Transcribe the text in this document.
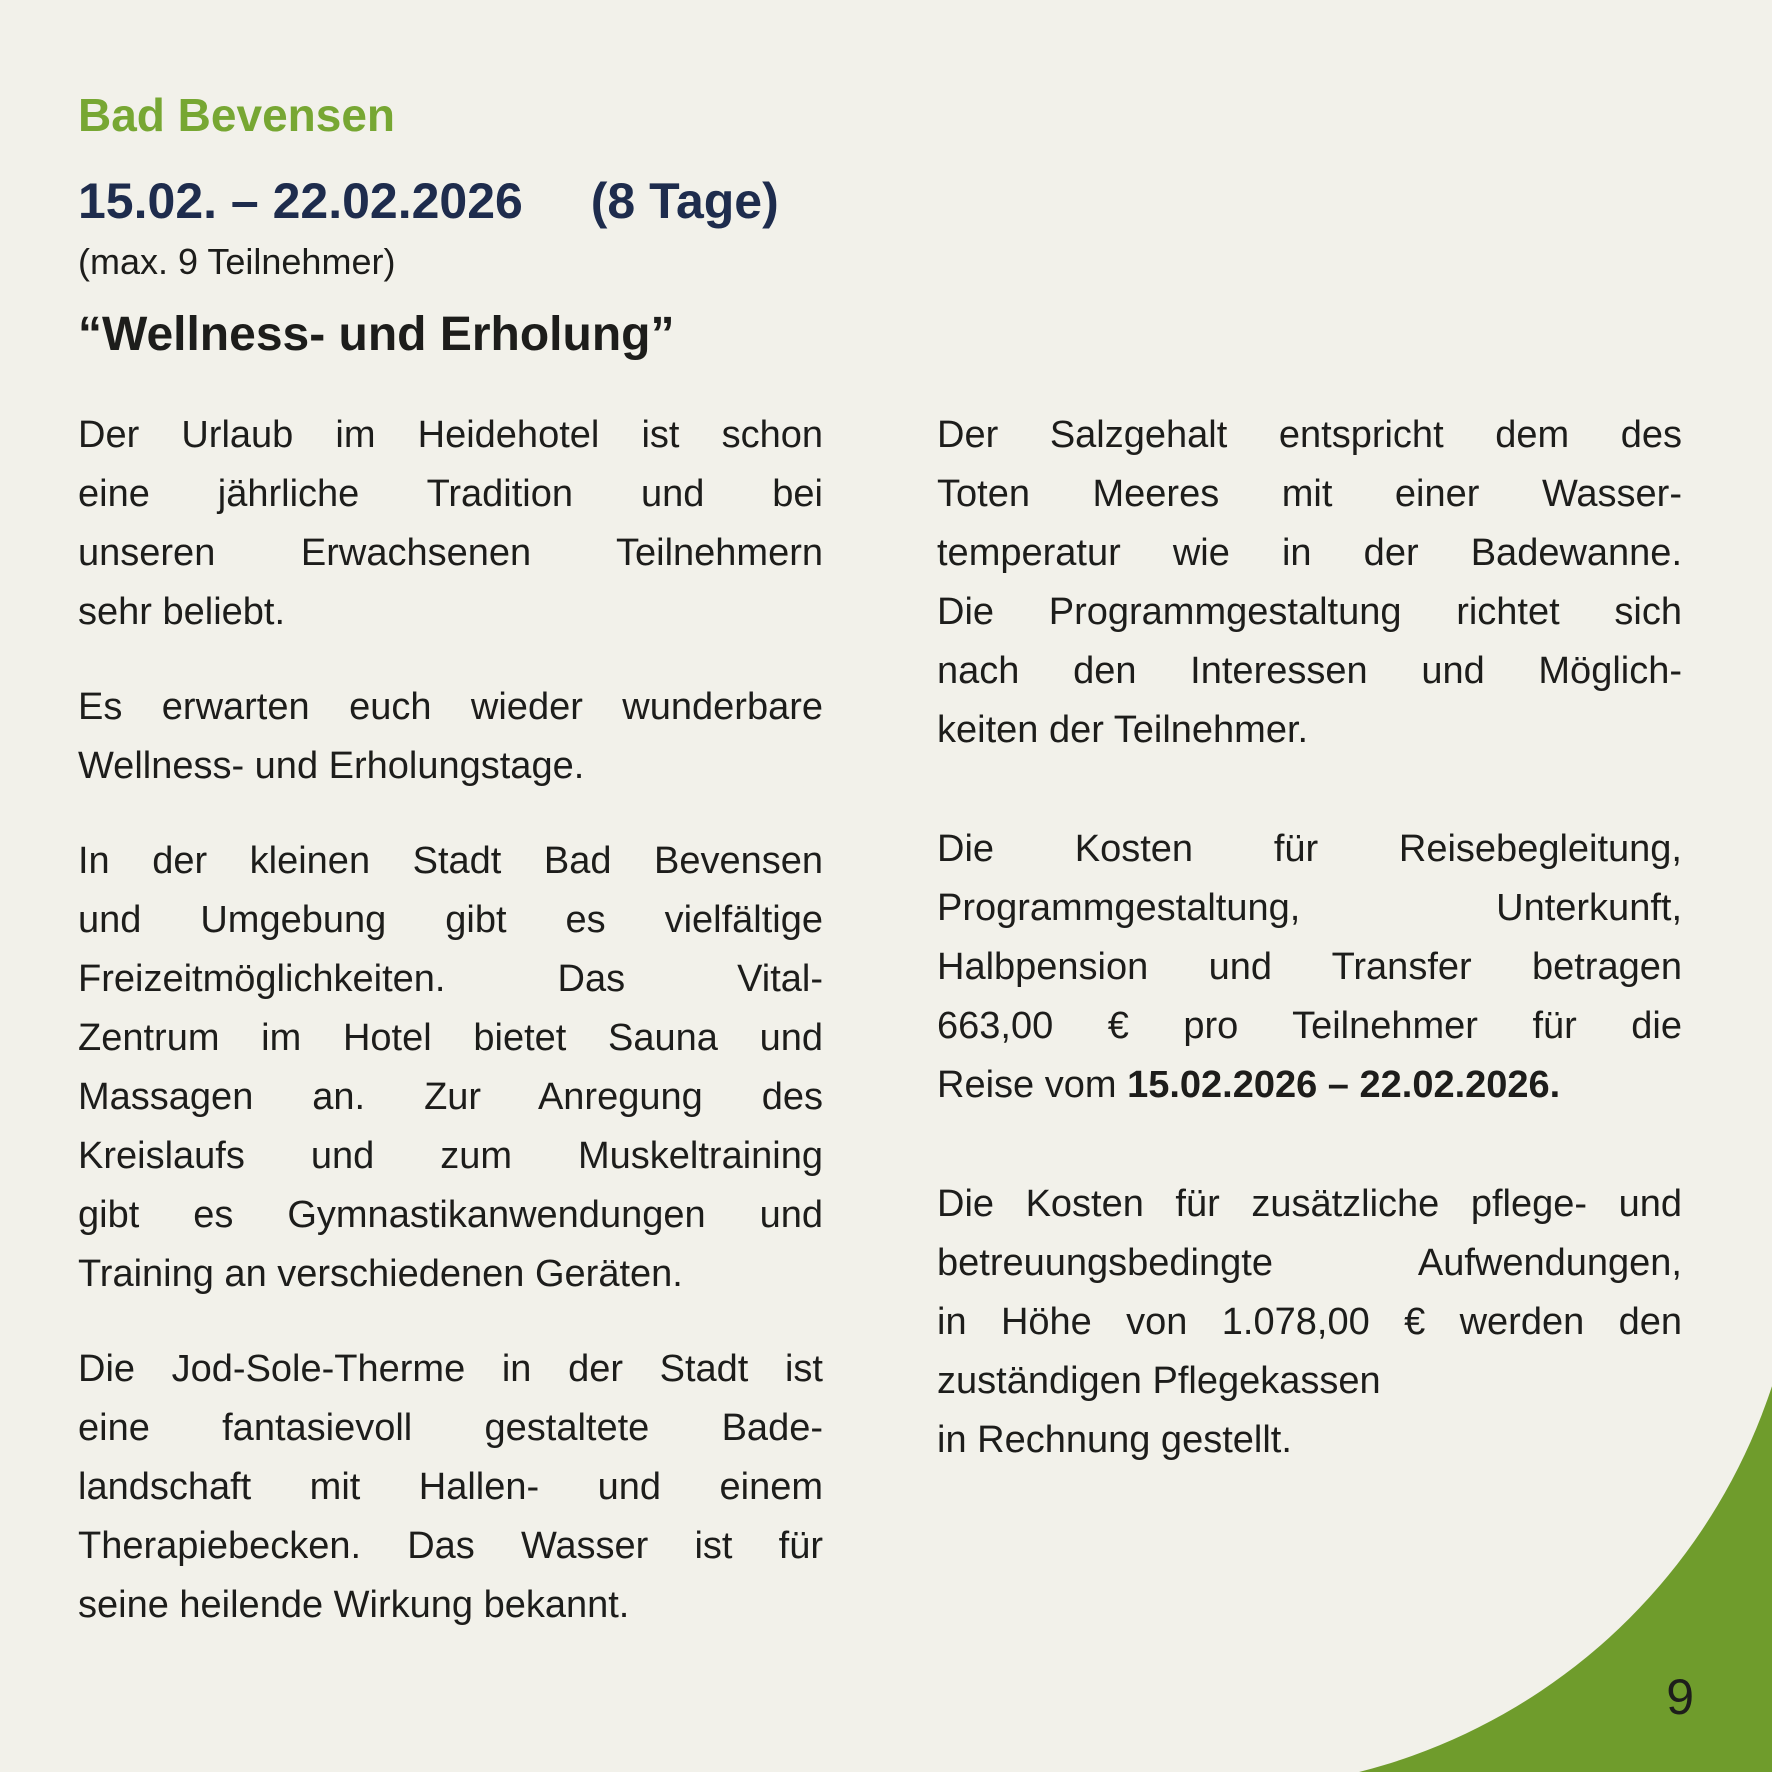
Bad Bevensen
15.02. – 22.02.2026 (8 Tage)
(max. 9 Teilnehmer)
“Wellness- und Erholung”
Der Urlaub im Heidehotel ist schon
eine jährliche Tradition und bei
unseren Erwachsenen Teilnehmern
sehr beliebt.
Es erwarten euch wieder wunderbare
Wellness- und Erholungstage.
In der kleinen Stadt Bad Bevensen
und Umgebung gibt es vielfältige
Freizeitmöglichkeiten. Das Vital-
Zentrum im Hotel bietet Sauna und
Massagen an. Zur Anregung des
Kreislaufs und zum Muskeltraining
gibt es Gymnastikanwendungen und
Training an verschiedenen Geräten.
Die Jod-Sole-Therme in der Stadt ist
eine fantasievoll gestaltete Bade-
landschaft mit Hallen- und einem
Therapiebecken. Das Wasser ist für
seine heilende Wirkung bekannt.
Der Salzgehalt entspricht dem des
Toten Meeres mit einer Wasser-
temperatur wie in der Badewanne.
Die Programmgestaltung richtet sich
nach den Interessen und Möglich-
keiten der Teilnehmer.
Die Kosten für Reisebegleitung,
Programmgestaltung, Unterkunft,
Halbpension und Transfer betragen
663,00 € pro Teilnehmer für die
Reise vom 15.02.2026 – 22.02.2026.
Die Kosten für zusätzliche pflege- und
betreuungsbedingte Aufwendungen,
in Höhe von 1.078,00 € werden den
zuständigen Pflegekassen
in Rechnung gestellt.
9
